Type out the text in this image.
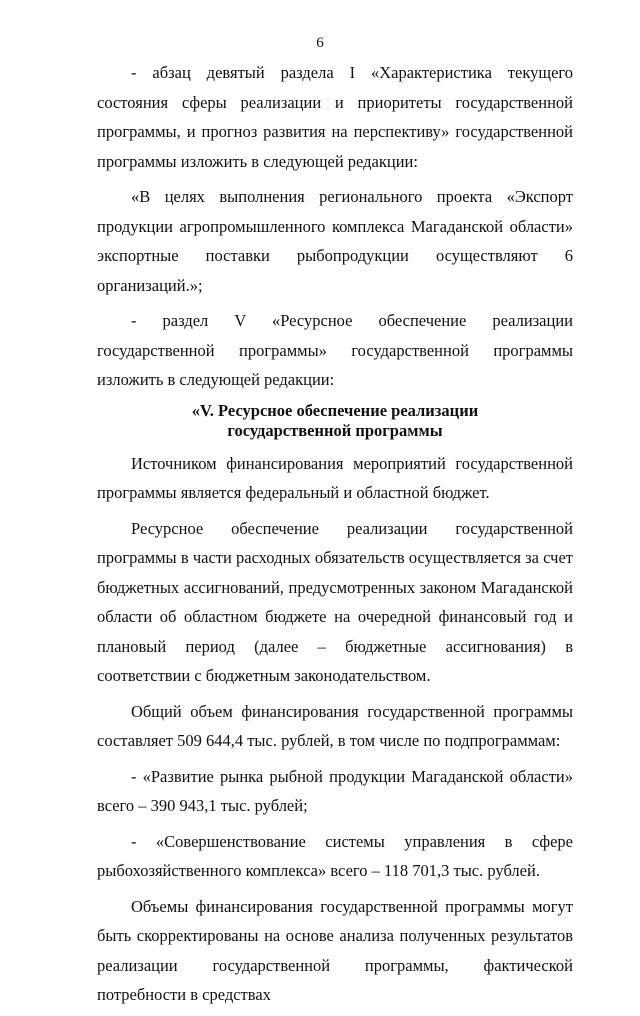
6

- абзац девятый раздела I «Характеристика текущего состояния сферы реализации и приоритеты государственной программы, и прогноз развития на перспективу» государственной программы изложить в следующей редакции:

«В целях выполнения регионального проекта «Экспорт продукции агропромышленного комплекса Магаданской области» экспортные поставки рыбопродукции осуществляют 6 организаций.»;

- раздел V «Ресурсное обеспечение реализации государственной программы» государственной программы изложить в следующей редакции:

«V. Ресурсное обеспечение реализации
государственной программы

Источником финансирования мероприятий государственной программы является федеральный и областной бюджет.

Ресурсное обеспечение реализации государственной программы в части расходных обязательств осуществляется за счет бюджетных ассигнований, предусмотренных законом Магаданской области об областном бюджете на очередной финансовый год и плановый период (далее – бюджетные ассигнования) в соответствии с бюджетным законодательством.

Общий объем финансирования государственной программы составляет 509 644,4 тыс. рублей, в том числе по подпрограммам:

- «Развитие рынка рыбной продукции Магаданской области» всего – 390 943,1 тыс. рублей;

- «Совершенствование системы управления в сфере рыбохозяйственного комплекса» всего – 118 701,3 тыс. рублей.

Объемы финансирования государственной программы могут быть скорректированы на основе анализа полученных результатов реализации государственной программы, фактической потребности в средствах
